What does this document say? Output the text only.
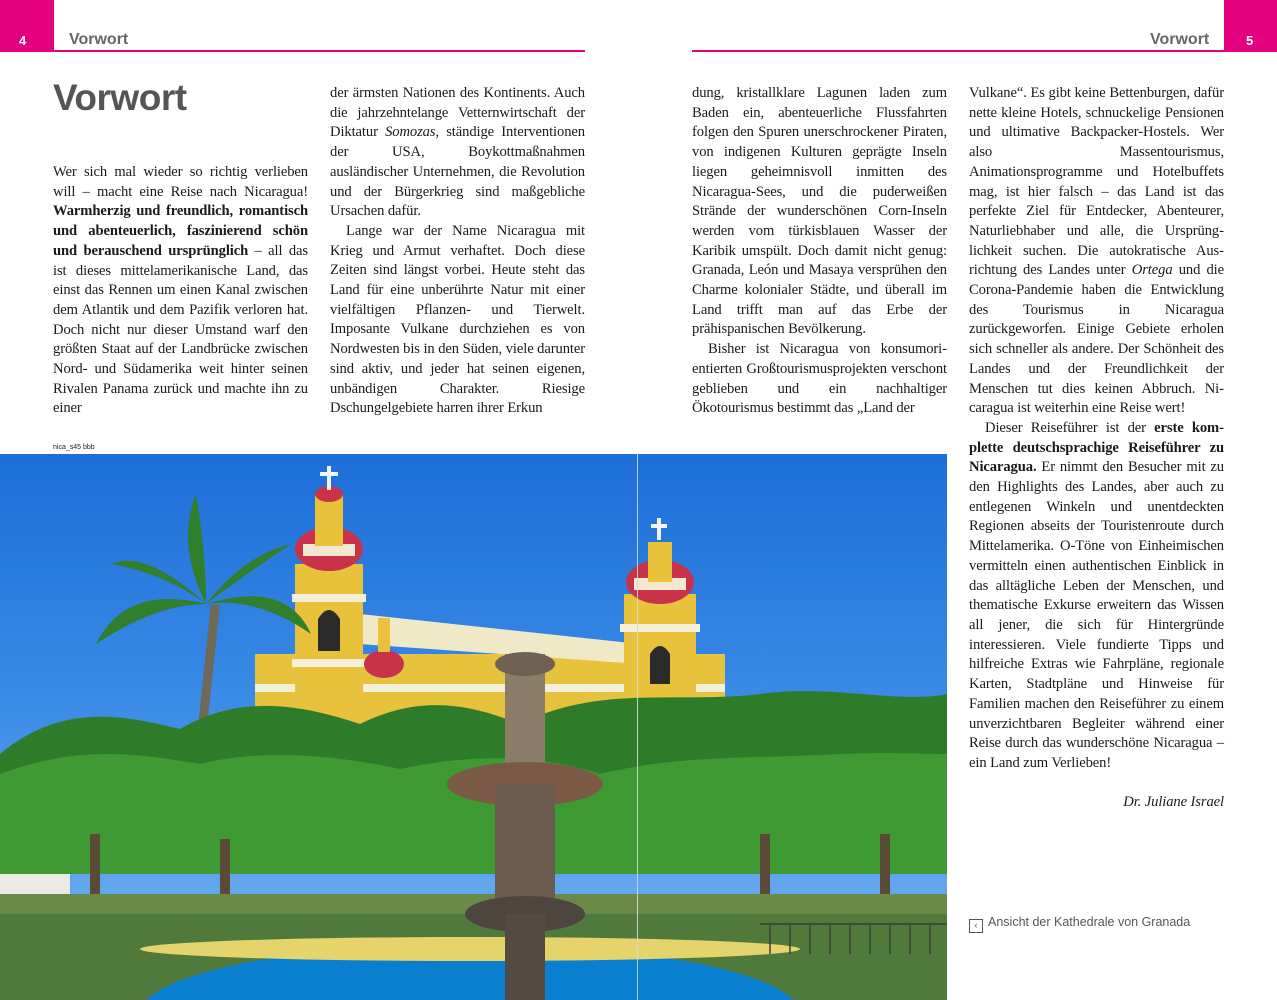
4	Vorwort	5
Vorwort
Vorwort

Wer sich mal wieder so richtig verlieben will – macht eine Reise nach Nicaragua! Warmherzig und freundlich, romantisch und abenteuerlich, faszinierend schön und berauschend ursprünglich – all das ist dieses mittelamerikanische Land, das einst das Rennen um einen Kanal zwischen dem Atlantik und dem Pazifik verloren hat. Doch nicht nur dieser Umstand warf den größten Staat auf der Landbrücke zwischen Nord- und Südamerika weit hinter seinen Rivalen Panama zurück und machte ihn zu einer

der ärmsten Nationen des Kontinents. Auch die jahrzehntelange Vetternwirtschaft der Diktatur Somozas, ständige Interventionen der USA, Boykottmaßnahmen ausländischer Unternehmen, die Revolution und der Bürgerkrieg sind maßgebliche Ursachen dafür.

Lange war der Name Nicaragua mit Krieg und Armut verhaftet. Doch diese Zeiten sind längst vorbei. Heute steht das Land für eine unberührte Natur mit einer vielfältigen Pflanzen- und Tierwelt. Imposante Vulkane durchziehen es von Nordwesten bis in den Süden, viele darunter sind aktiv, und jeder hat seinen eigenen, unbändigen Charakter. Riesige Dschungelgebiete harren ihrer Erkun

dung, kristallklare Lagunen laden zum Baden ein, abenteuerliche Flussfahrten folgen den Spuren unerschrockener Piraten, von indigenen Kulturen geprägte Inseln liegen geheimnisvoll inmitten des Nicaragua-Sees, und die puderweißen Strände der wunderschönen Corn-Inseln werden vom türkisblauen Wasser der Karibik umspült. Doch damit nicht genug: Granada, León und Masaya versprühen den Charme kolonialer Städte, und überall im Land trifft man auf das Erbe der prähispanischen Bevölkerung.

Bisher ist Nicaragua von konsumorientierten Großtourismusprojekten verschont geblieben und ein nachhaltiger Ökotourismus bestimmt das „Land der

Vulkane“. Es gibt keine Bettenburgen, dafür nette kleine Hotels, schnuckelige Pensionen und ultimative Backpacker-Hostels. Wer also Massentourismus, Animationsprogramme und Hotelbuffets mag, ist hier falsch – das Land ist das perfekte Ziel für Entdecker, Abenteurer, Naturliebhaber und alle, die Ursprünglichkeit suchen. Die autokratische Ausrichtung des Landes unter Ortega und die Corona-Pandemie haben die Entwicklung des Tourismus in Nicaragua zurückgeworfen. Einige Gebiete erholen sich schneller als andere. Der Schönheit des Landes und der Freundlichkeit der Menschen tut dies keinen Abbruch. Nicaragua ist weiterhin eine Reise wert!

Dieser Reiseführer ist der erste komplette deutschsprachige Reiseführer zu Nicaragua. Er nimmt den Besucher mit zu den Highlights des Landes, aber auch zu entlegenen Winkeln und unentdeckten Regionen abseits der Touristenroute durch Mittelamerika. O-Töne von Einheimischen vermitteln einen authentischen Einblick in das alltägliche Leben der Menschen, und thematische Exkurse erweitern das Wissen all jener, die sich für Hintergründe interessieren. Viele fundierte Tipps und hilfreiche Extras wie Fahrpläne, regionale Karten, Stadtpläne und Hinweise für Familien machen den Reiseführer zu einem unverzichtbaren Begleiter während einer Reise durch das wunderschöne Nicaragua – ein Land zum Verlieben!

Dr. Juliane Israel

nica_s45 bbb
‹ Ansicht der Kathedrale von Granada
